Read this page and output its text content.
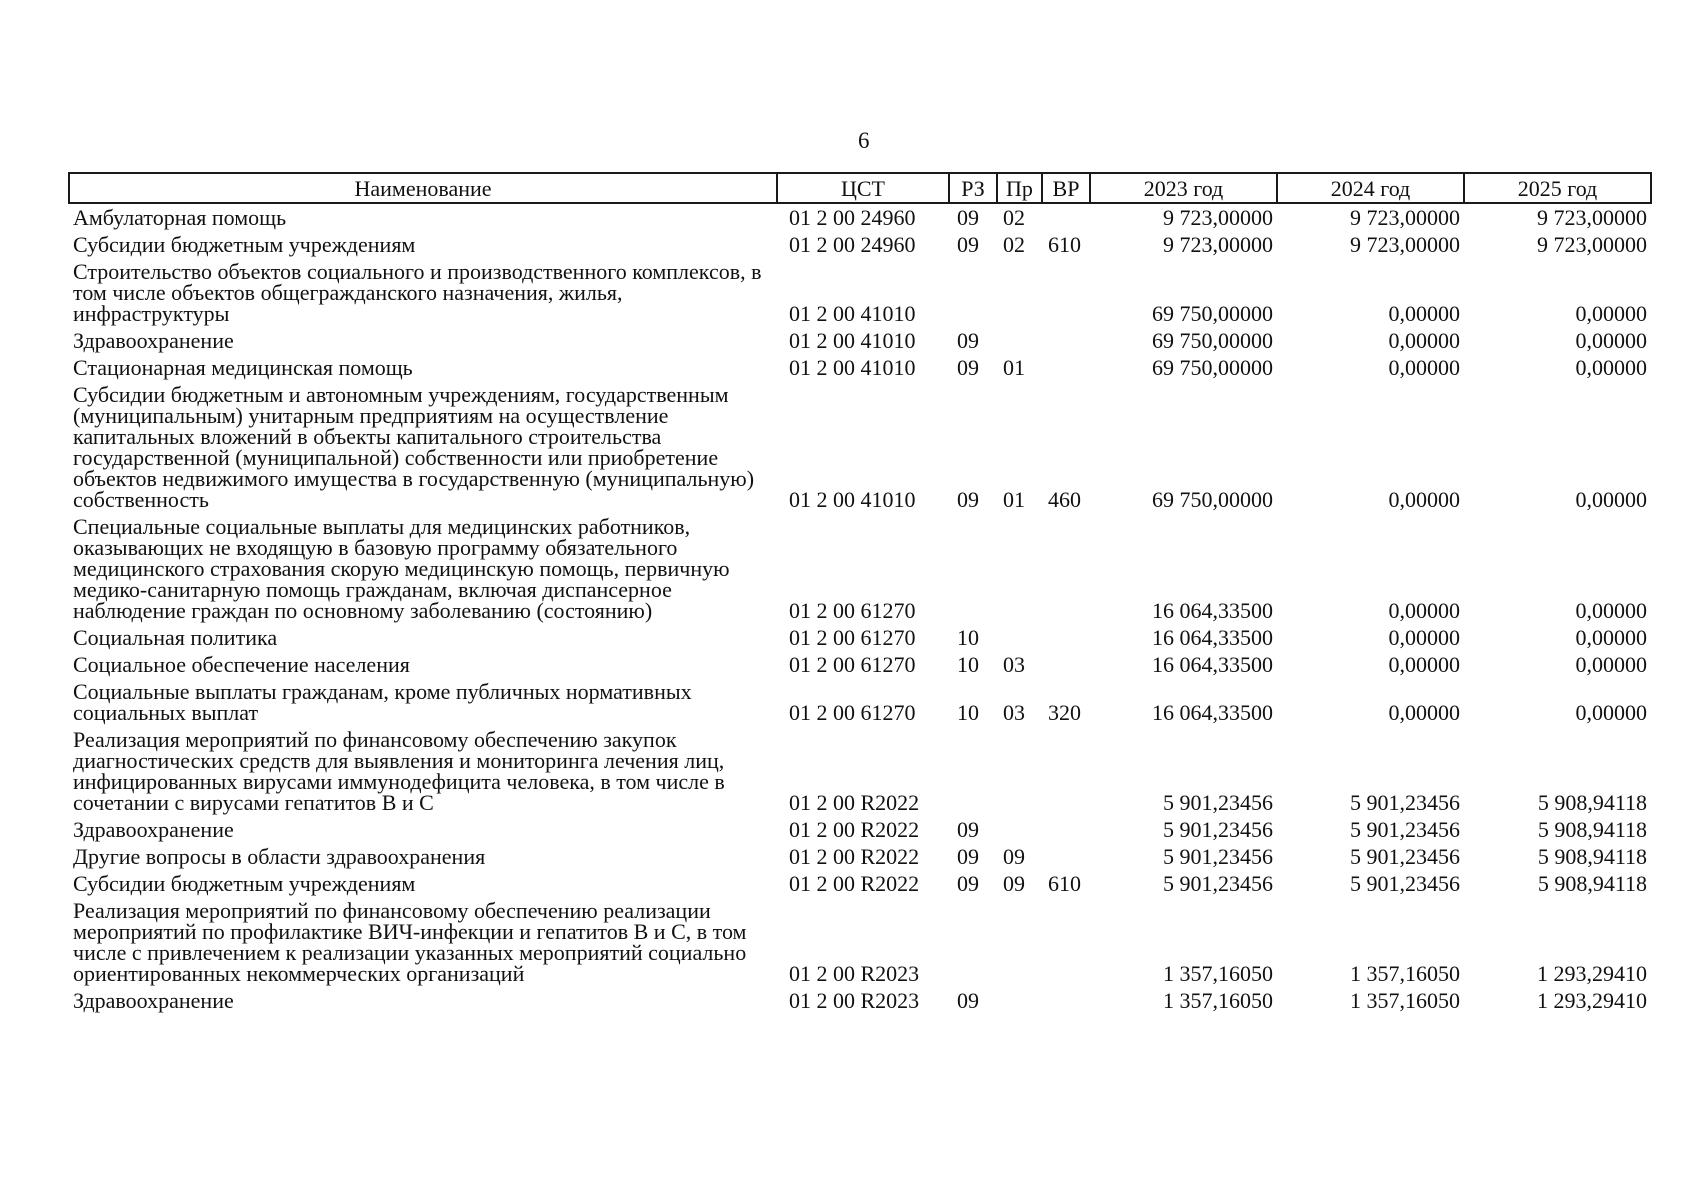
6
Наименование	ЦСТ	РЗ	Пр	ВР	2023 год	2024 год	2025 год
Амбулаторная помощь	01 2 00 24960	09	02		9 723,00000	9 723,00000	9 723,00000
Субсидии бюджетным учреждениям	01 2 00 24960	09	02	610	9 723,00000	9 723,00000	9 723,00000
Строительство объектов социального и производственного комплексов, в том числе объектов общегражданского назначения, жилья, инфраструктуры	01 2 00 41010				69 750,00000	0,00000	0,00000
Здравоохранение	01 2 00 41010	09			69 750,00000	0,00000	0,00000
Стационарная медицинская помощь	01 2 00 41010	09	01		69 750,00000	0,00000	0,00000
Субсидии бюджетным и автономным учреждениям, государственным (муниципальным) унитарным предприятиям на осуществление капитальных вложений в объекты капитального строительства государственной (муниципальной) собственности или приобретение объектов недвижимого имущества в государственную (муниципальную) собственность	01 2 00 41010	09	01	460	69 750,00000	0,00000	0,00000
Специальные социальные выплаты для медицинских работников, оказывающих не входящую в базовую программу обязательного медицинского страхования скорую медицинскую помощь, первичную медико-санитарную помощь гражданам, включая диспансерное наблюдение граждан по основному заболеванию (состоянию)	01 2 00 61270				16 064,33500	0,00000	0,00000
Социальная политика	01 2 00 61270	10			16 064,33500	0,00000	0,00000
Социальное обеспечение населения	01 2 00 61270	10	03		16 064,33500	0,00000	0,00000
Социальные выплаты гражданам, кроме публичных нормативных социальных выплат	01 2 00 61270	10	03	320	16 064,33500	0,00000	0,00000
Реализация мероприятий по финансовому обеспечению закупок диагностических средств для выявления и мониторинга лечения лиц, инфицированных вирусами иммунодефицита человека, в том числе в сочетании с вирусами гепатитов В и С	01 2 00 R2022				5 901,23456	5 901,23456	5 908,94118
Здравоохранение	01 2 00 R2022	09			5 901,23456	5 901,23456	5 908,94118
Другие вопросы в области здравоохранения	01 2 00 R2022	09	09		5 901,23456	5 901,23456	5 908,94118
Субсидии бюджетным учреждениям	01 2 00 R2022	09	09	610	5 901,23456	5 901,23456	5 908,94118
Реализация мероприятий по финансовому обеспечению реализации мероприятий по профилактике ВИЧ-инфекции и гепатитов В и С, в том числе с привлечением к реализации указанных мероприятий социально ориентированных некоммерческих организаций	01 2 00 R2023				1 357,16050	1 357,16050	1 293,29410
Здравоохранение	01 2 00 R2023	09			1 357,16050	1 357,16050	1 293,29410
